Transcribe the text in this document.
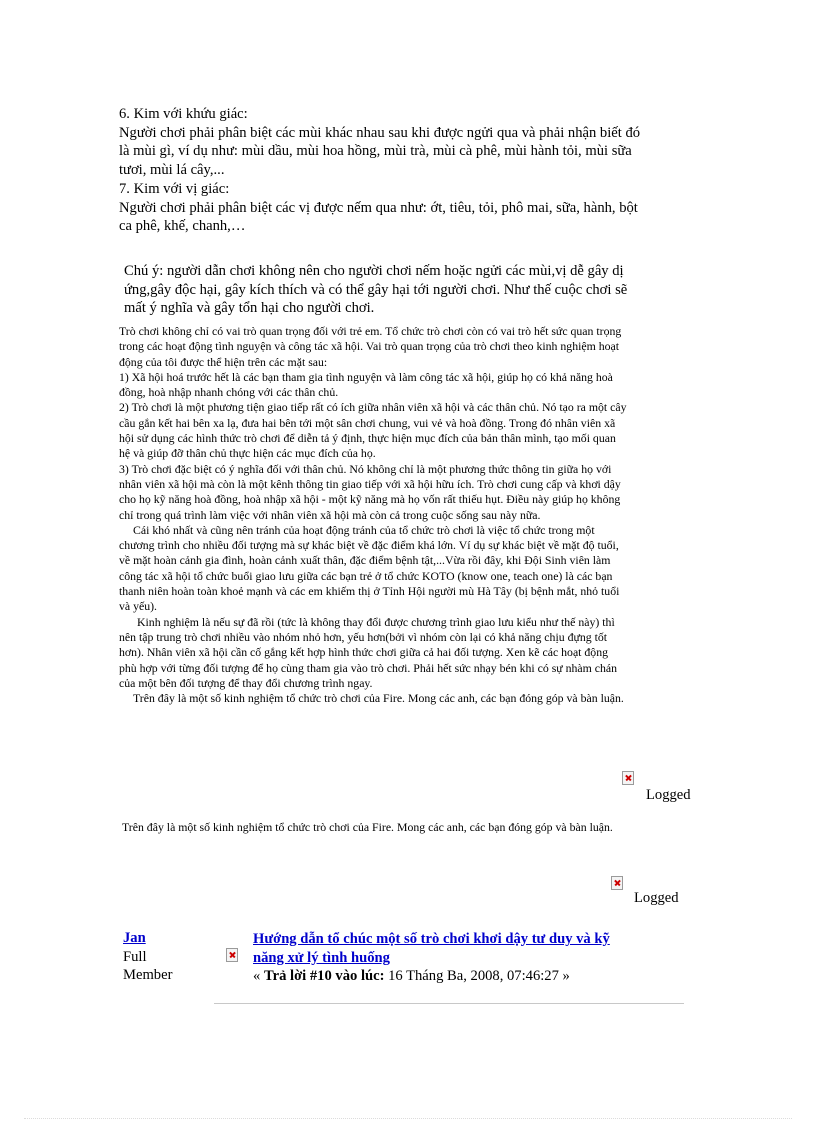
6. Kim với khứu giác:
Người chơi phải phân biệt các mùi khác nhau sau khi được ngửi qua và phải nhận biết đó
là mùi gì, ví dụ như: mùi dầu, mùi hoa hồng, mùi trà, mùi cà phê, mùi hành tỏi, mùi sữa
tươi, mùi lá cây,...
7. Kim với vị giác:
Người chơi phải phân biệt các vị được nếm qua như: ớt, tiêu, tỏi, phô mai, sữa, hành, bột
ca phê, khế, chanh,…
Chú ý: người dẫn chơi không nên cho người chơi nếm hoặc ngửi các mùi,vị dễ gây dị
ứng,gây độc hại, gây kích thích và có thể gây hại tới người chơi. Như thế cuộc chơi sẽ
mất ý nghĩa và gây tổn hại cho người chơi.
Trò chơi không chỉ có vai trò quan trọng đối với trẻ em. Tổ chức trò chơi còn có vai trò hết sức quan trọng
trong các hoạt động tình nguyện và công tác xã hội. Vai trò quan trọng của trò chơi theo kinh nghiệm hoạt
động của tôi được thể hiện trên các mặt sau:
1) Xã hội hoá trước hết là các bạn tham gia tình nguyện và làm công tác xã hội, giúp họ có khả năng hoà
đồng, hoà nhập nhanh chóng với các thân chủ.
2) Trò chơi là một phương tiện giao tiếp rất có ích giữa nhân viên xã hội và các thân chủ. Nó tạo ra một cây
cầu gắn kết hai bên xa lạ, đưa hai bên tới một sân chơi chung, vui vẻ và hoà đồng. Trong đó nhân viên xã
hội sử dụng các hình thức trò chơi để diễn tả ý định, thực hiện mục đích của bản thân mình, tạo mối quan
hệ và giúp đỡ thân chủ thực hiện các mục đích của họ.
3) Trò chơi đặc biệt có ý nghĩa đối với thân chủ. Nó không chỉ là một phương thức thông tin giữa họ với
nhân viên xã hội mà còn là một kênh thông tin giao tiếp với xã hội hữu ích. Trò chơi cung cấp và khơi dậy
cho họ kỹ năng hoà đồng, hoà nhập xã hội - một kỹ năng mà họ vốn rất thiếu hụt. Điều này giúp họ không
chỉ trong quá trình làm việc với nhân viên xã hội mà còn cả trong cuộc sống sau này nữa.
Cái khó nhất và cũng nên tránh của hoạt động tránh của tổ chức trò chơi là việc tổ chức trong một
chương trình cho nhiều đối tượng mà sự khác biệt về đặc điểm khá lớn. Ví dụ sự khác biệt về mặt độ tuổi,
về mặt hoàn cảnh gia đình, hoàn cảnh xuất thân, đặc điểm bệnh tật,...Vừa rồi đây, khi Đội Sinh viên làm
công tác xã hội tổ chức buổi giao lưu giữa các bạn trẻ ở tổ chức KOTO (know one, teach one) là các bạn
thanh niên hoàn toàn khoẻ mạnh và các em khiếm thị ở Tỉnh Hội người mù Hà Tây (bị bệnh mắt, nhỏ tuổi
và yếu).
Kinh nghiệm là nếu sự đã rồi (tức là không thay đổi được chương trình giao lưu kiểu như thế này) thì
nên tập trung trò chơi nhiều vào nhóm nhỏ hơn, yếu hơn(bởi vì nhóm còn lại có khả năng chịu đựng tốt
hơn). Nhân viên xã hội cần cố gắng kết hợp hình thức chơi giữa cả hai đối tượng. Xen kẽ các hoạt động
phù hợp với từng đối tượng để họ cùng tham gia vào trò chơi. Phải hết sức nhạy bén khi có sự nhàm chán
của một bên đối tượng để thay đổi chương trình ngay.
Trên đây là một số kinh nghiệm tổ chức trò chơi của Fire. Mong các anh, các bạn đóng góp và bàn luận.
Logged
Trên đây là một số kinh nghiệm tổ chức trò chơi của Fire. Mong các anh, các bạn đóng góp và bàn luận.
Logged
Jan
Full
Member
Hướng dẫn tổ chúc một số trò chơi khơi dậy tư duy và kỹ
năng xử lý tình huống
« Trả lời #10 vào lúc: 16 Tháng Ba, 2008, 07:46:27 »
